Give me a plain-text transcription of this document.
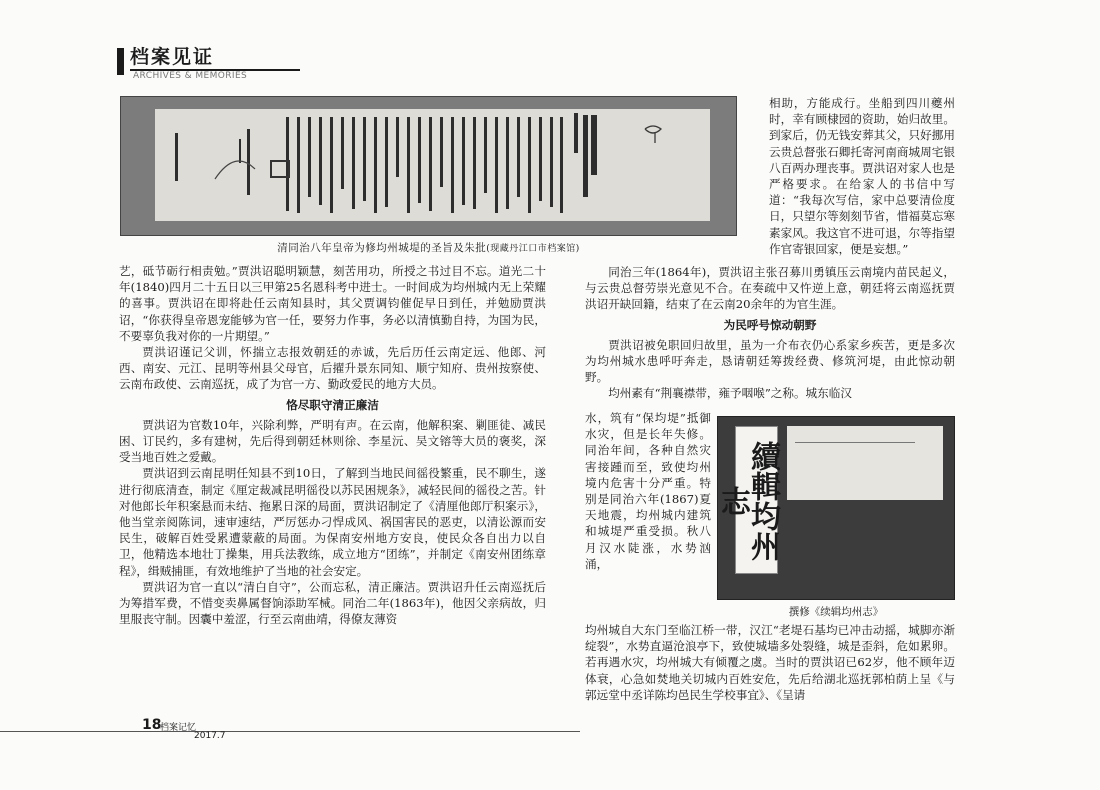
档案见证
ARCHIVES & MEMORIES
清同治八年皇帝为修均州城堤的圣旨及朱批(现藏丹江口市档案馆)

艺，砥节砺行相责勉。”贾洪诏聪明颖慧，刻苦用功，所授之书过目不忘。道光二十年(1840)四月二十五日以三甲第25名恩科考中进士。一时间成为均州城内无上荣耀的喜事。贾洪诏在即将赴任云南知县时，其父贾调钧催促早日到任，并勉励贾洪诏，“你获得皇帝恩宠能够为官一任，要努力作事，务必以清慎勤自持，为国为民，不要辜负我对你的一片期望。”

贾洪诏谨记父训，怀揣立志报效朝廷的赤诚，先后历任云南定远、他郎、河西、南安、元江、昆明等州县父母官，后擢升景东同知、顺宁知府、贵州按察使、云南布政使、云南巡抚，成了为官一方、勤政爱民的地方大员。

恪尽职守清正廉洁

贾洪诏为官数10年，兴除利弊，严明有声。在云南，他解积案、剿匪徒、减民困、订民约，多有建树，先后得到朝廷林则徐、李星沅、吴文镕等大员的褒奖，深受当地百姓之爱戴。

贾洪诏到云南昆明任知县不到10日，了解到当地民间徭役繁重，民不聊生，遂进行彻底清查，制定《厘定裁减昆明徭役以苏民困规条》，减轻民间的徭役之苦。针对他郎长年积案悬而未结、拖累日深的局面，贾洪诏制定了《清厘他郎厅积案示》，他当堂亲阅陈词，速审速结，严厉惩办刁悍成风、祸国害民的恶吏，以清讼源而安民生，破解百姓受累遭蒙蔽的局面。为保南安州地方安良，使民众各自出力以自卫，他精选本地壮丁操集，用兵法教练，成立地方“团练”，并制定《南安州团练章程》，缉贼捕匪，有效地维护了当地的社会安定。

贾洪诏为官一直以“清白自守”，公而忘私，清正廉洁。贾洪诏升任云南巡抚后为筹措军费，不惜变卖鼻属督饷添助军械。同治二年(1863年)，他因父亲病故，归里服丧守制。因囊中羞涩，行至云南曲靖，得僚友薄资

相助，方能成行。坐船到四川夔州时，幸有顾棣园的资助，始归故里。到家后，仍无钱安葬其父，只好挪用云贵总督张石卿托寄河南商城周宅银八百两办理丧事。贾洪诏对家人也是严格要求。在给家人的书信中写道：“我每次写信，家中总要清俭度日，只望尔等刻刻节省，惜福莫忘寒素家风。我这官不进可退，尔等指望作官寄银回家，便是妄想。”

同治三年(1864年)，贾洪诏主张召募川勇镇压云南境内苗民起义，与云贵总督劳崇光意见不合。在奏疏中又忤逆上意，朝廷将云南巡抚贾洪诏开缺回籍，结束了在云南20余年的为官生涯。

为民呼号惊动朝野

贾洪诏被免职回归故里，虽为一介布衣仍心系家乡疾苦，更是多次为均州城水患呼吁奔走，恳请朝廷筹拨经费、修筑河堤，由此惊动朝野。

均州素有“荆襄襟带，雍予咽喉”之称。城东临汉

水，筑有“保均堤”抵御水灾，但是长年失修。同治年间，各种自然灾害接踵而至，致使均州境内危害十分严重。特别是同治六年(1867)夏天地震，均州城内建筑和城堤严重受损。秋八月汉水陡涨，水势汹涌，

均州城自大东门至临江桥一带，汉江“老堤石基均已冲击动摇，城脚亦渐绽裂”，水势直逼沧浪亭下，致使城墙多处裂缝，城是歪斜，危如累卵。若再遇水灾，均州城大有倾覆之虞。当时的贾洪诏已62岁，他不顾年迈体衰，心急如焚地关切城内百姓安危，先后给湖北巡抚郭柏荫上呈《与郭远堂中丞详陈均邑民生学校事宜》、《呈请

續輯均州志
撰修《续辑均州志》
18
档案记忆
2017.7
